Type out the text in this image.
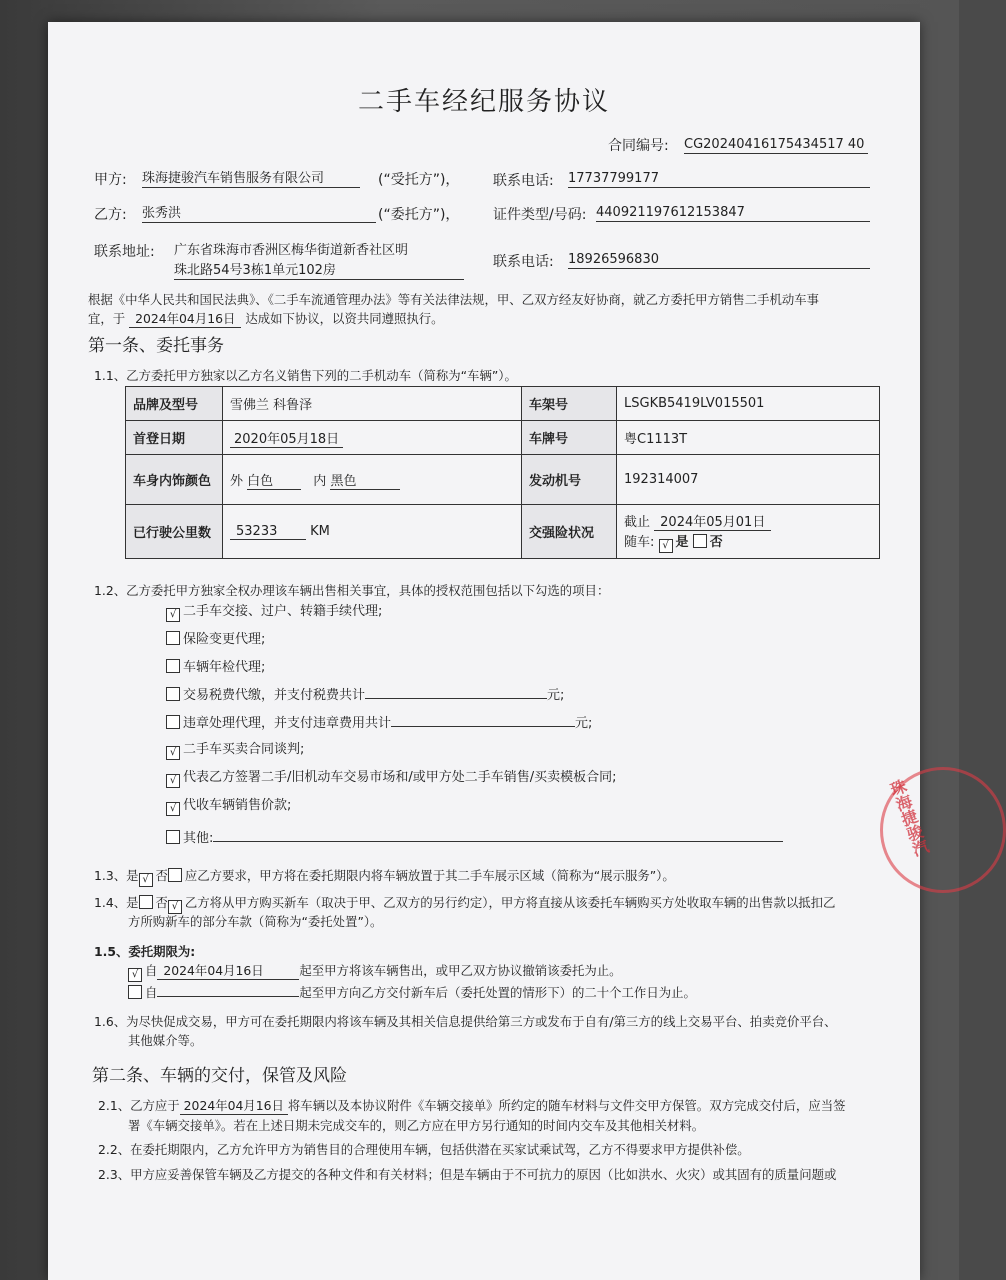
二手车经纪服务协议
合同编号: CG20240416175434517 40
甲方: 珠海捷骏汽车销售服务有限公司	(“受托方”)， 联系电话: 17737799177
乙方: 张秀洪	(“委托方”)， 证件类型/号码: 440921197612153847
联系地址: 广东省珠海市香洲区梅华街道新香社区明
珠北路54号3栋1单元102房
联系电话: 18926596830
根据《中华人民共和国民法典》、《二手车流通管理办法》等有关法律法规，甲、乙双方经友好协商，就乙方委托甲方销售二手机动车事
宜，于 2024年04月16日 达成如下协议，以资共同遵照执行。
第一条、委托事务
1.1、乙方委托甲方独家以乙方名义销售下列的二手机动车（简称为“车辆”）。
品牌及型号	雪佛兰 科鲁泽	车架号	LSGKB5419LV015501
首登日期	2020年05月18日	车牌号	粤C1113T
车身内饰颜色	外 白色 内 黑色	发动机号	192314007
已行驶公里数	53233 KM	交强险状况	截止 2024年05月01日
随车: √ 是 否
1.2、乙方委托甲方独家全权办理该车辆出售相关事宜，具体的授权范围包括以下勾选的项目：
√ 二手车交接、过户、转籍手续代理;
保险变更代理;
车辆年检代理;
交易税费代缴，并支付税费共计	元;
违章处理代理，并支付违章费用共计	元;
√ 二手车买卖合同谈判;
√ 代表乙方签署二手/旧机动车交易市场和/或甲方处二手车销售/买卖模板合同;
√ 代收车辆销售价款;
其他:
1.3、是 √ 否 应乙方要求，甲方将在委托期限内将车辆放置于其二手车展示区域（简称为“展示服务”）。
1.4、是 否 √ 乙方将从甲方购买新车（取决于甲、乙双方的另行约定），甲方将直接从该委托车辆购买方处收取车辆的出售款以抵扣乙
方所购新车的部分车款（简称为“委托处置”）。
1.5、委托期限为:
√ 自 2024年04月16日	起至甲方将该车辆售出，或甲乙双方协议撤销该委托为止。
自	起至甲方向乙方交付新车后（委托处置的情形下）的二十个工作日为止。
1.6、为尽快促成交易，甲方可在委托期限内将该车辆及其相关信息提供给第三方或发布于自有/第三方的线上交易平台、拍卖竞价平台、
其他媒介等。
第二条、车辆的交付，保管及风险
2.1、乙方应于 2024年04月16日 将车辆以及本协议附件《车辆交接单》所约定的随车材料与文件交甲方保管。双方完成交付后，应当签
署《车辆交接单》。若在上述日期未完成交车的，则乙方应在甲方另行通知的时间内交车及其他相关材料。
2.2、在委托期限内，乙方允许甲方为销售目的合理使用车辆，包括供潜在买家试乘试驾，乙方不得要求甲方提供补偿。
2.3、甲方应妥善保管车辆及乙方提交的各种文件和有关材料；但是车辆由于不可抗力的原因（比如洪水、火灾）或其固有的质量问题或
珠海捷骏汽
